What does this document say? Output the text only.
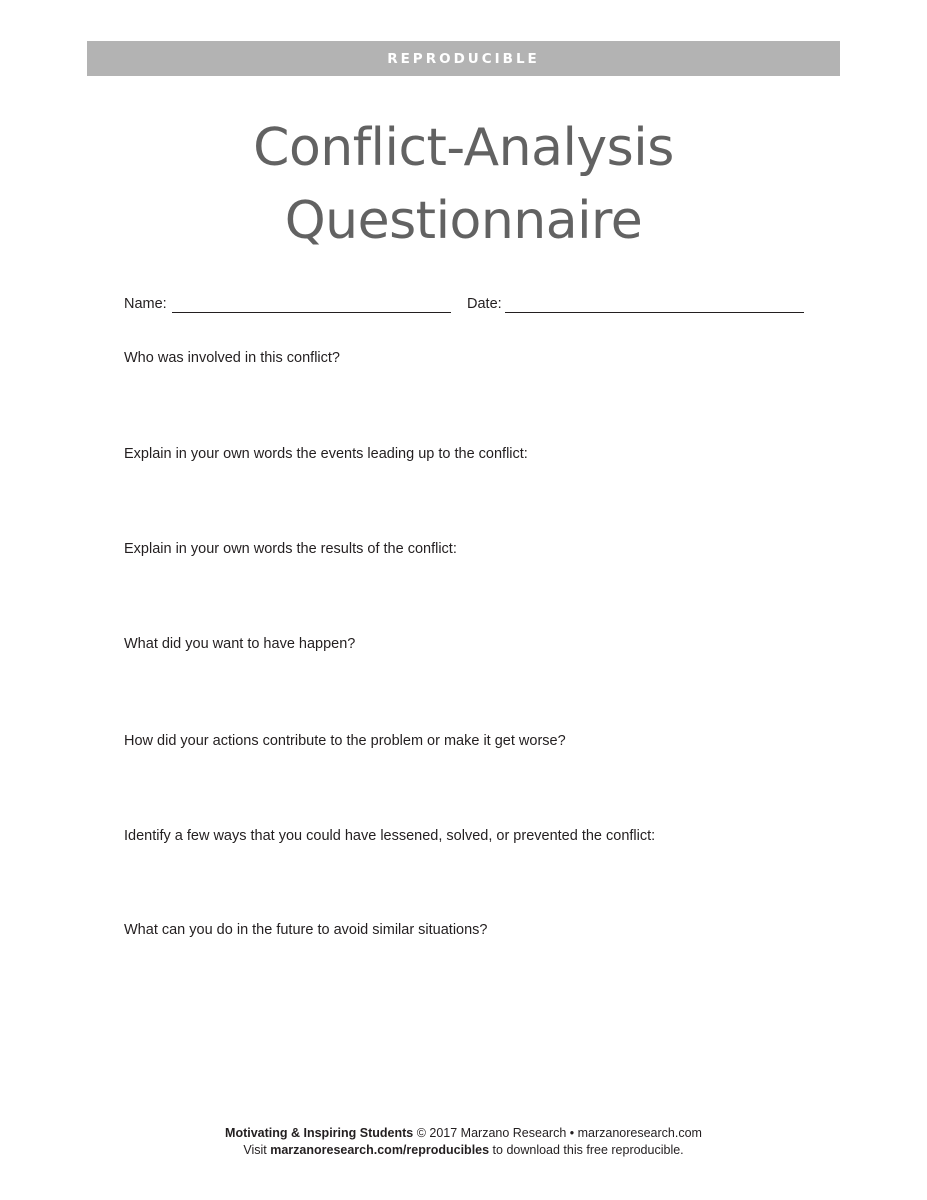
REPRODUCIBLE
Conflict-Analysis
Questionnaire
Name:	Date:
Who was involved in this conflict?
Explain in your own words the events leading up to the conflict:
Explain in your own words the results of the conflict:
What did you want to have happen?
How did your actions contribute to the problem or make it get worse?
Identify a few ways that you could have lessened, solved, or prevented the conflict:
What can you do in the future to avoid similar situations?
Motivating & Inspiring Students © 2017 Marzano Research • marzanoresearch.com
Visit marzanoresearch.com/reproducibles to download this free reproducible.
